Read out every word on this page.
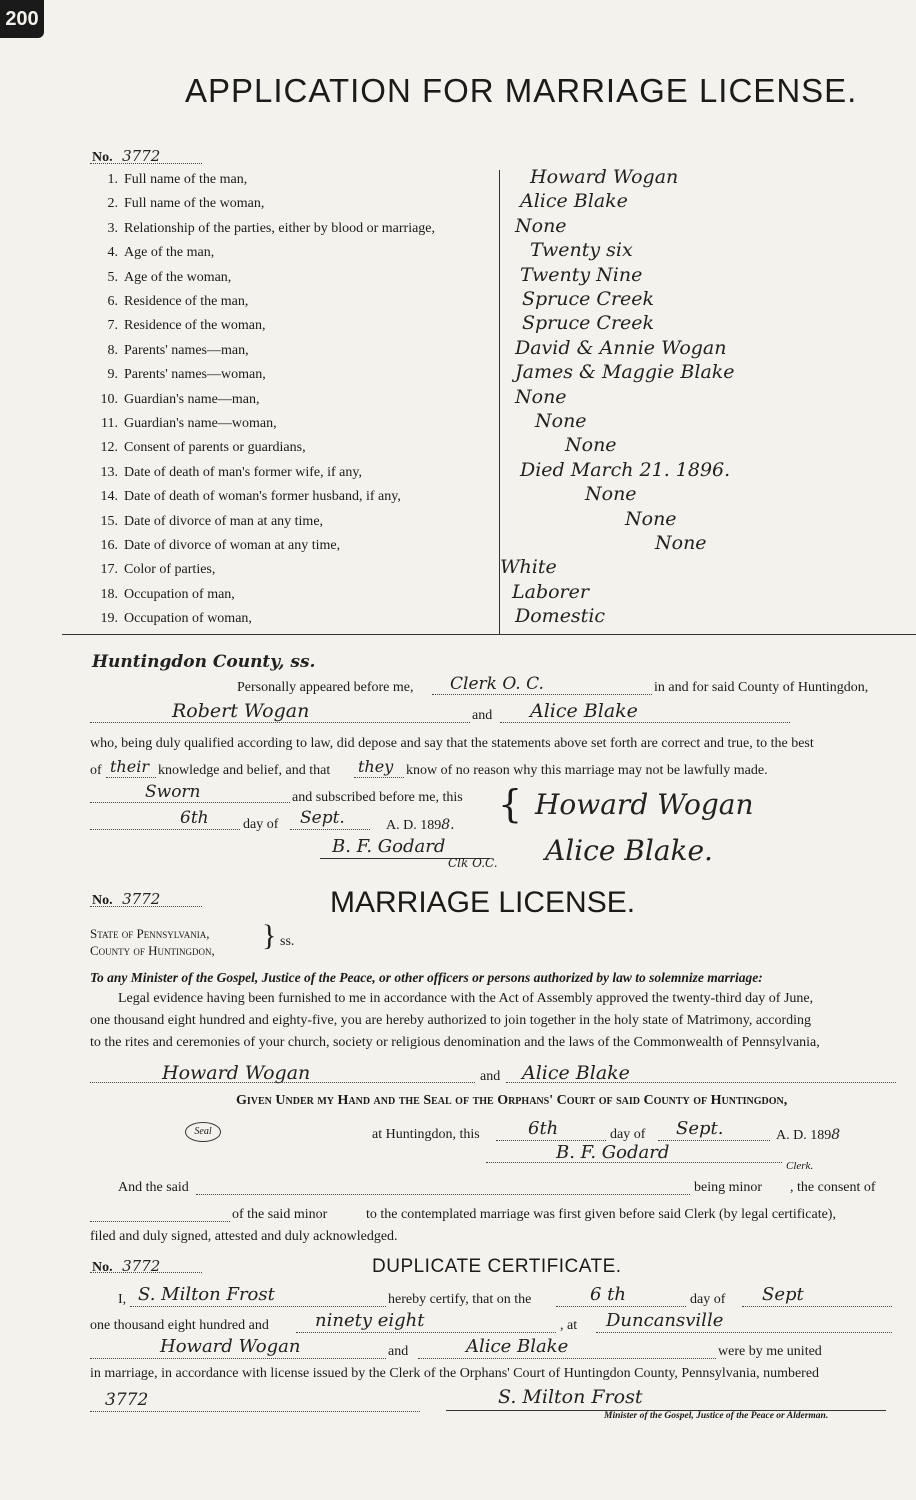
200
APPLICATION FOR MARRIAGE LICENSE.
No. 3772
1. Full name of the man,	Howard Wogan
2. Full name of the woman,	Alice Blake
3. Relationship of the parties, either by blood or marriage,	None
4. Age of the man,	Twenty six
5. Age of the woman,	Twenty Nine
6. Residence of the man,	Spruce Creek
7. Residence of the woman,	Spruce Creek
8. Parents' names—man,	David & Annie Wogan
9. Parents' names—woman,	James & Maggie Blake
10. Guardian's name—man,	None
11. Guardian's name—woman,	None
12. Consent of parents or guardians,	None
13. Date of death of man's former wife, if any,	Died March 21. 1896.
14. Date of death of woman's former husband, if any,	None
15. Date of divorce of man at any time,	None
16. Date of divorce of woman at any time,	None
17. Color of parties,	White
18. Occupation of man,	Laborer
19. Occupation of woman,	Domestic
Huntingdon County, ss.
Personally appeared before me, Clerk O. C.	in and for said County of Huntingdon,
Robert Wogan	and Alice Blake
who, being duly qualified according to law, did depose and say that the statements above set forth are correct and true, to the best
of their knowledge and belief, and that they know of no reason why this marriage may not be lawfully made.
Sworn	and subscribed before me, this
6th day of Sept.	A. D. 1898.
B. F. Godard
Clk O.C.
{ Howard Wogan
Alice Blake.
No. 3772	MARRIAGE LICENSE.
State of Pennsylvania,
County of Huntingdon, } ss.
To any Minister of the Gospel, Justice of the Peace, or other officers or persons authorized by law to solemnize marriage:
Legal evidence having been furnished to me in accordance with the Act of Assembly approved the twenty-third day of June,
one thousand eight hundred and eighty-five, you are hereby authorized to join together in the holy state of Matrimony, according
to the rites and ceremonies of your church, society or religious denomination and the laws of the Commonwealth of Pennsylvania,
Howard Wogan	and Alice Blake
Given Under my Hand and the Seal of the Orphans' Court of said County of Huntingdon,
Seal	at Huntingdon, this	6th	day of Sept.	A. D. 1898
B. F. Godard
Clerk.
And the said	being minor , the consent of
of the said minor	to the contemplated marriage was first given before said Clerk (by legal certificate),
filed and duly signed, attested and duly acknowledged.
No. 3772	DUPLICATE CERTIFICATE.
I, S. Milton Frost	hereby certify, that on the	6 th	day of Sept
one thousand eight hundred and	ninety eight	, at Duncansville
Howard Wogan	and	Alice Blake	were by me united
in marriage, in accordance with license issued by the Clerk of the Orphans' Court of Huntingdon County, Pennsylvania, numbered
3772	S. Milton Frost
Minister of the Gospel, Justice of the Peace or Alderman.
